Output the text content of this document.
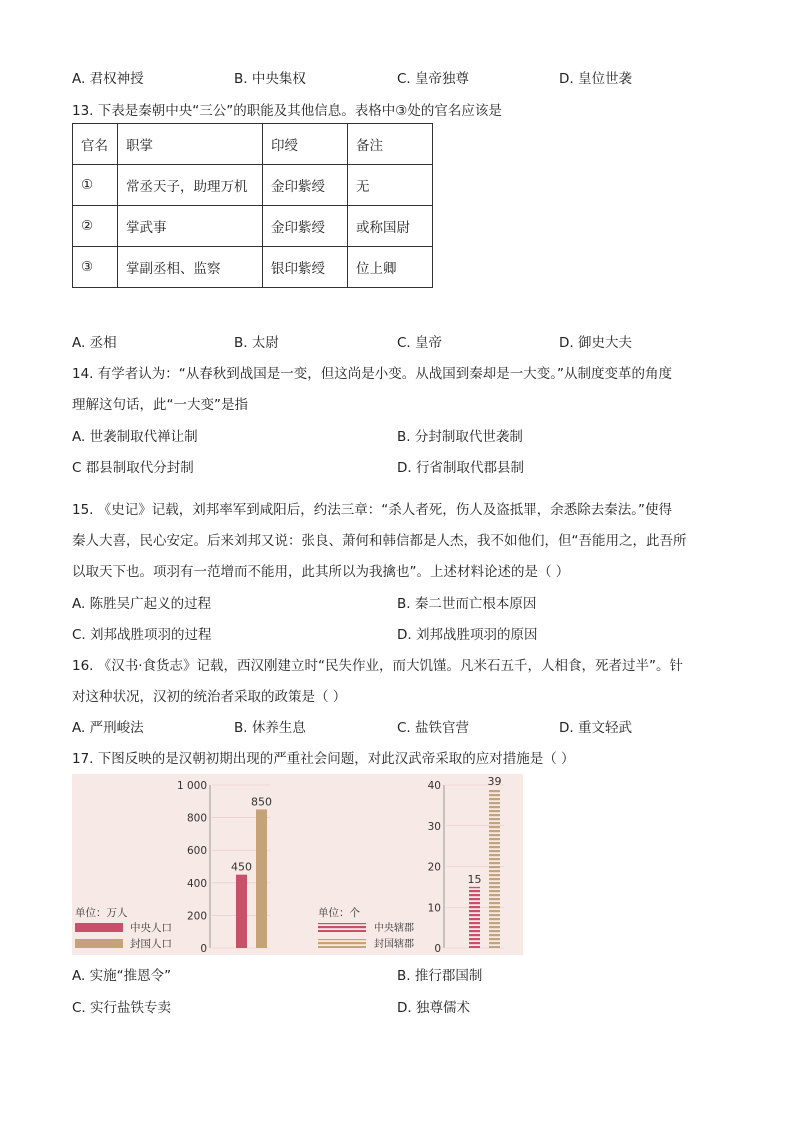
A. 君权神授	B. 中央集权	C. 皇帝独尊	D. 皇位世袭
13. 下表是秦朝中央“三公”的职能及其他信息。表格中③处的官名应该是
官名	职掌	印绶	备注
①	常丞天子，助理万机	金印紫绶	无
②	掌武事	金印紫绶	或称国尉
③	掌副丞相、监察	银印紫绶	位上卿
A. 丞相	B. 太尉	C. 皇帝	D. 御史大夫
14. 有学者认为：“从春秋到战国是一变，但这尚是小变。从战国到秦却是一大变。”从制度变革的角度
理解这句话，此“一大变”是指
A. 世袭制取代禅让制	B. 分封制取代世袭制
C 郡县制取代分封制	D. 行省制取代郡县制
15. 《史记》记载，刘邦率军到咸阳后，约法三章：“杀人者死，伤人及盗抵罪，余悉除去秦法。”使得
秦人大喜，民心安定。后来刘邦又说：张良、萧何和韩信都是人杰，我不如他们，但“吾能用之，此吾所
以取天下也。项羽有一范增而不能用，此其所以为我擒也”。上述材料论述的是（ ）
A. 陈胜吴广起义的过程	B. 秦二世而亡根本原因
C. 刘邦战胜项羽的过程	D. 刘邦战胜项羽的原因
16. 《汉书·食货志》记载，西汉刚建立时“民失作业，而大饥馑。凡米石五千，人相食，死者过半”。针
对这种状况，汉初的统治者采取的政策是（ ）
A. 严刑峻法	B. 休养生息	C. 盐铁官营	D. 重文轻武
17. 下图反映的是汉朝初期出现的严重社会问题，对此汉武帝采取的应对措施是（ ）
1 000
800
600
400
200
0
450
850
单位：万人
中央人口
封国人口
40
30
20
10
0
15
39
单位：个
中央辖郡
封国辖郡
A. 实施“推恩令”	B. 推行郡国制
C. 实行盐铁专卖	D. 独尊儒术
